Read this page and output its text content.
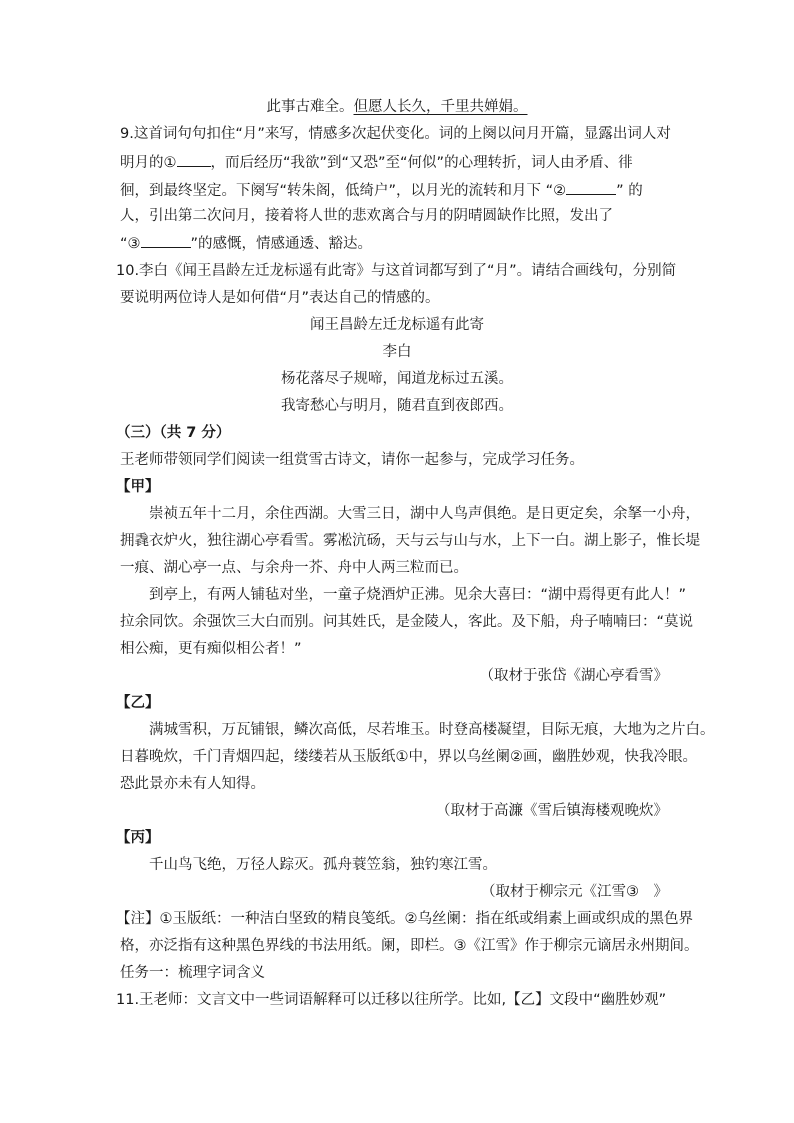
此事古难全。但愿人长久，千里共婵娟。
9.这首词句句扣住“月”来写，情感多次起伏变化。词的上阕以问月开篇，显露出词人对
明月的① ，而后经历“我欲”到“又恐”至“何似”的心理转折，词人由矛盾、徘
徊，到最终坚定。下阕写“转朱阁，低绮户”，以月光的流转和月下 “②	” 的
人，引出第二次问月，接着将人世的悲欢离合与月的阴晴圆缺作比照，发出了
“③	”的感慨，情感通透、豁达。
10.李白《闻王昌龄左迁龙标遥有此寄》与这首词都写到了“月”。请结合画线句，分别简
要说明两位诗人是如何借“月”表达自己的情感的。
闻王昌龄左迁龙标遥有此寄
李白
杨花落尽子规啼，闻道龙标过五溪。
我寄愁心与明月，随君直到夜郎西。
（三）（共 7 分）
王老师带领同学们阅读一组赏雪古诗文，请你一起参与，完成学习任务。
【甲】
崇祯五年十二月，余住西湖。大雪三日，湖中人鸟声俱绝。是日更定矣，余拏一小舟，
拥毳衣炉火，独往湖心亭看雪。雾凇沆砀，天与云与山与水，上下一白。湖上影子，惟长堤
一痕、湖心亭一点、与余舟一芥、舟中人两三粒而已。
到亭上，有两人铺毡对坐，一童子烧酒炉正沸。见余大喜曰：“湖中焉得更有此人！”
拉余同饮。余强饮三大白而别。问其姓氏，是金陵人，客此。及下船，舟子喃喃曰：“莫说
相公痴，更有痴似相公者！”
（取材于张岱《湖心亭看雪》
【乙】
满城雪积，万瓦铺银，鳞次高低，尽若堆玉。时登高楼凝望，目际无痕，大地为之片白。
日暮晚炊，千门青烟四起，缕缕若从玉版纸①中，界以乌丝阑②画，幽胜妙观，快我冷眼。
恐此景亦未有人知得。
（取材于高濂《雪后镇海楼观晚炊》
【丙】
千山鸟飞绝，万径人踪灭。孤舟蓑笠翁，独钓寒江雪。
（取材于柳宗元《江雪③　》
【注】①玉版纸：一种洁白坚致的精良笺纸。②乌丝阑：指在纸或绢素上画或织成的黑色界
格，亦泛指有这种黑色界线的书法用纸。阑，即栏。③《江雪》作于柳宗元谪居永州期间。
任务一：梳理字词含义
11.王老师：文言文中一些词语解释可以迁移以往所学。比如,【乙】文段中“幽胜妙观”
